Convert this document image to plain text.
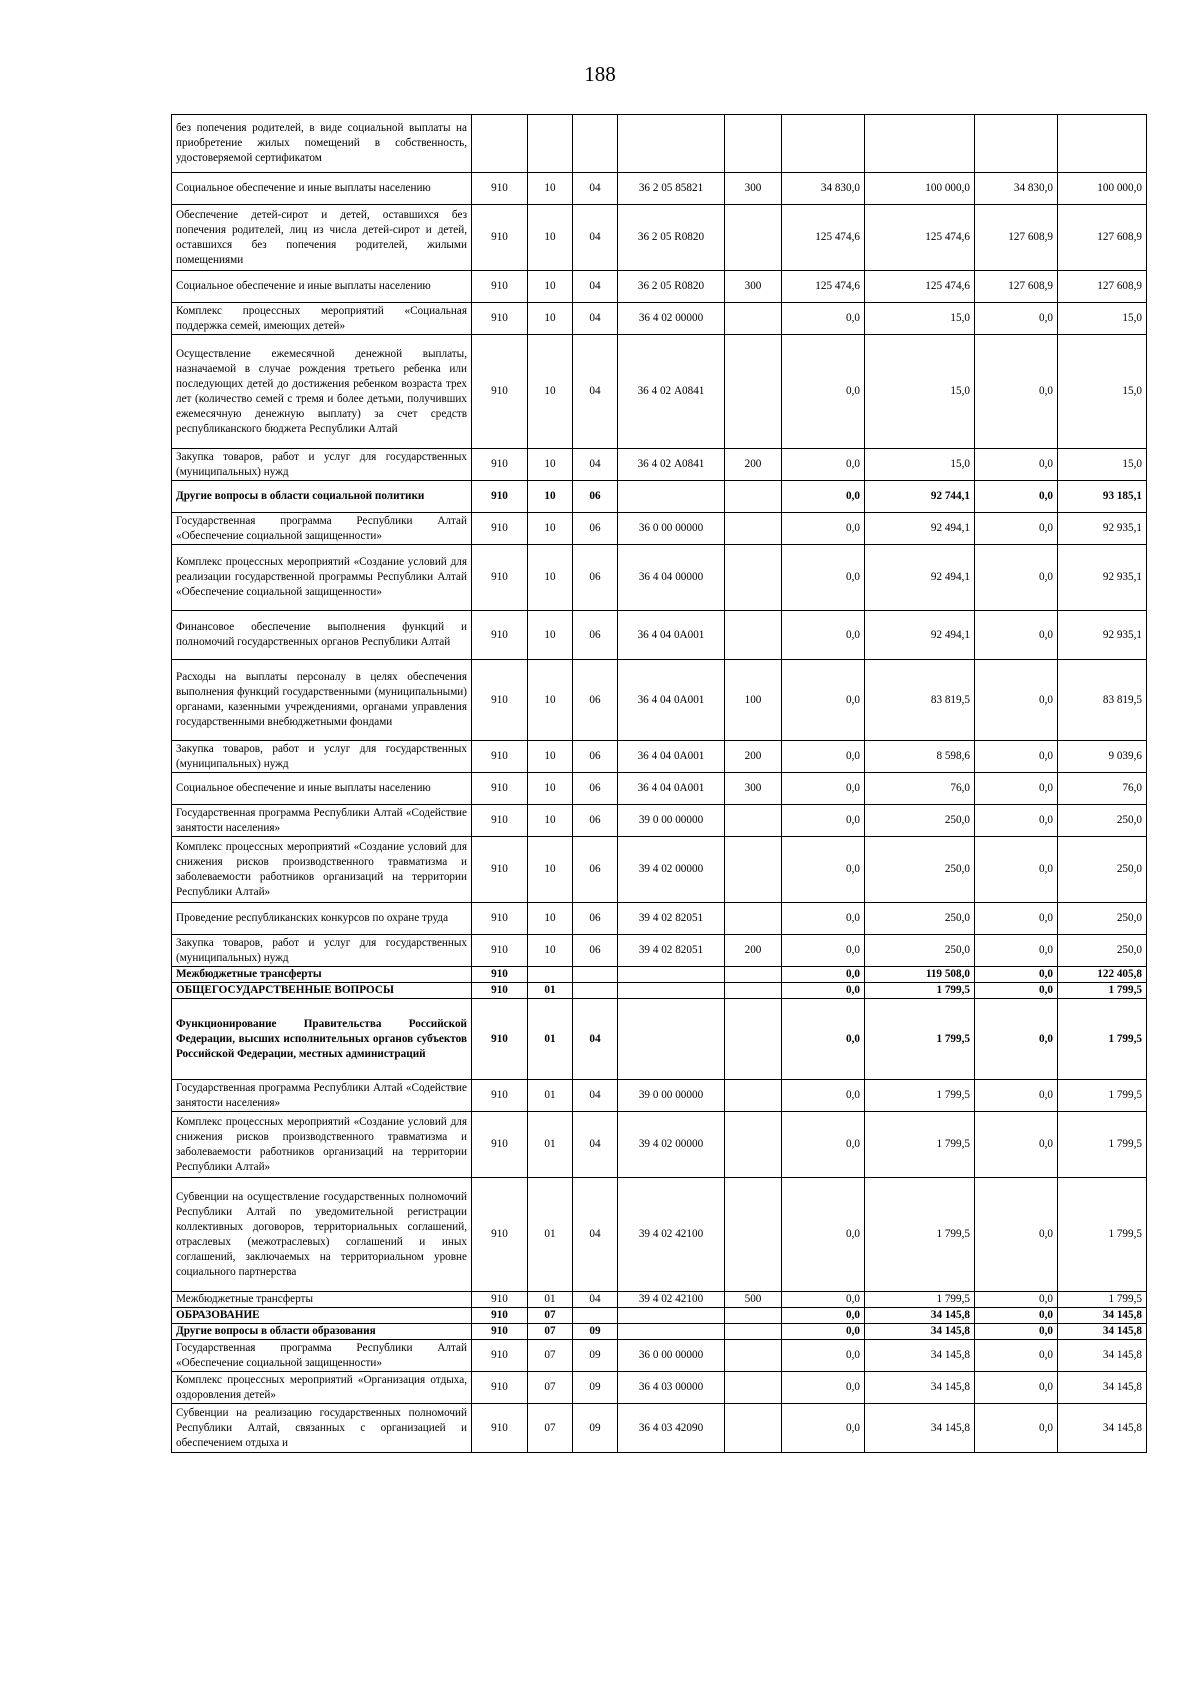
188
без попечения родителей, в виде социальной выплаты на приобретение жилых помещений в собственность, удостоверяемой сертификатом									
Социальное обеспечение и иные выплаты населению	910	10	04	36 2 05 85821	300	34 830,0	100 000,0	34 830,0	100 000,0
Обеспечение детей-сирот и детей, оставшихся без попечения родителей, лиц из числа детей-сирот и детей, оставшихся без попечения родителей, жилыми помещениями	910	10	04	36 2 05 R0820		125 474,6	125 474,6	127 608,9	127 608,9
Социальное обеспечение и иные выплаты населению	910	10	04	36 2 05 R0820	300	125 474,6	125 474,6	127 608,9	127 608,9
Комплекс процессных мероприятий «Социальная поддержка семей, имеющих детей»	910	10	04	36 4 02 00000		0,0	15,0	0,0	15,0
Осуществление ежемесячной денежной выплаты, назначаемой в случае рождения третьего ребенка или последующих детей до достижения ребенком возраста трех лет (количество семей с тремя и более детьми, получивших ежемесячную денежную выплату) за счет средств республиканского бюджета Республики Алтай	910	10	04	36 4 02 А0841		0,0	15,0	0,0	15,0
Закупка товаров, работ и услуг для государственных (муниципальных) нужд	910	10	04	36 4 02 А0841	200	0,0	15,0	0,0	15,0
Другие вопросы в области социальной политики	910	10	06			0,0	92 744,1	0,0	93 185,1
Государственная программа Республики Алтай «Обеспечение социальной защищенности»	910	10	06	36 0 00 00000		0,0	92 494,1	0,0	92 935,1
Комплекс процессных мероприятий «Создание условий для реализации государственной программы Республики Алтай «Обеспечение социальной защищенности»	910	10	06	36 4 04 00000		0,0	92 494,1	0,0	92 935,1
Финансовое обеспечение выполнения функций и полномочий государственных органов Республики Алтай	910	10	06	36 4 04 0А001		0,0	92 494,1	0,0	92 935,1
Расходы на выплаты персоналу в целях обеспечения выполнения функций государственными (муниципальными) органами, казенными учреждениями, органами управления государственными внебюджетными фондами	910	10	06	36 4 04 0А001	100	0,0	83 819,5	0,0	83 819,5
Закупка товаров, работ и услуг для государственных (муниципальных) нужд	910	10	06	36 4 04 0А001	200	0,0	8 598,6	0,0	9 039,6
Социальное обеспечение и иные выплаты населению	910	10	06	36 4 04 0А001	300	0,0	76,0	0,0	76,0
Государственная программа Республики Алтай «Содействие занятости населения»	910	10	06	39 0 00 00000		0,0	250,0	0,0	250,0
Комплекс процессных мероприятий «Создание условий для снижения рисков производственного травматизма и заболеваемости работников организаций на территории Республики Алтай»	910	10	06	39 4 02 00000		0,0	250,0	0,0	250,0
Проведение республиканских конкурсов по охране труда	910	10	06	39 4 02 82051		0,0	250,0	0,0	250,0
Закупка товаров, работ и услуг для государственных (муниципальных) нужд	910	10	06	39 4 02 82051	200	0,0	250,0	0,0	250,0
Межбюджетные трансферты	910					0,0	119 508,0	0,0	122 405,8
ОБЩЕГОСУДАРСТВЕННЫЕ ВОПРОСЫ	910	01				0,0	1 799,5	0,0	1 799,5
Функционирование Правительства Российской Федерации, высших исполнительных органов субъектов Российской Федерации, местных администраций	910	01	04			0,0	1 799,5	0,0	1 799,5
Государственная программа Республики Алтай «Содействие занятости населения»	910	01	04	39 0 00 00000		0,0	1 799,5	0,0	1 799,5
Комплекс процессных мероприятий «Создание условий для снижения рисков производственного травматизма и заболеваемости работников организаций на территории Республики Алтай»	910	01	04	39 4 02 00000		0,0	1 799,5	0,0	1 799,5
Субвенции на осуществление государственных полномочий Республики Алтай по уведомительной регистрации коллективных договоров, территориальных соглашений, отраслевых (межотраслевых) соглашений и иных соглашений, заключаемых на территориальном уровне социального партнерства	910	01	04	39 4 02 42100		0,0	1 799,5	0,0	1 799,5
Межбюджетные трансферты	910	01	04	39 4 02 42100	500	0,0	1 799,5	0,0	1 799,5
ОБРАЗОВАНИЕ	910	07				0,0	34 145,8	0,0	34 145,8
Другие вопросы в области образования	910	07	09			0,0	34 145,8	0,0	34 145,8
Государственная программа Республики Алтай «Обеспечение социальной защищенности»	910	07	09	36 0 00 00000		0,0	34 145,8	0,0	34 145,8
Комплекс процессных мероприятий «Организация отдыха, оздоровления детей»	910	07	09	36 4 03 00000		0,0	34 145,8	0,0	34 145,8
Субвенции на реализацию государственных полномочий Республики Алтай, связанных с организацией и обеспечением отдыха и	910	07	09	36 4 03 42090		0,0	34 145,8	0,0	34 145,8
